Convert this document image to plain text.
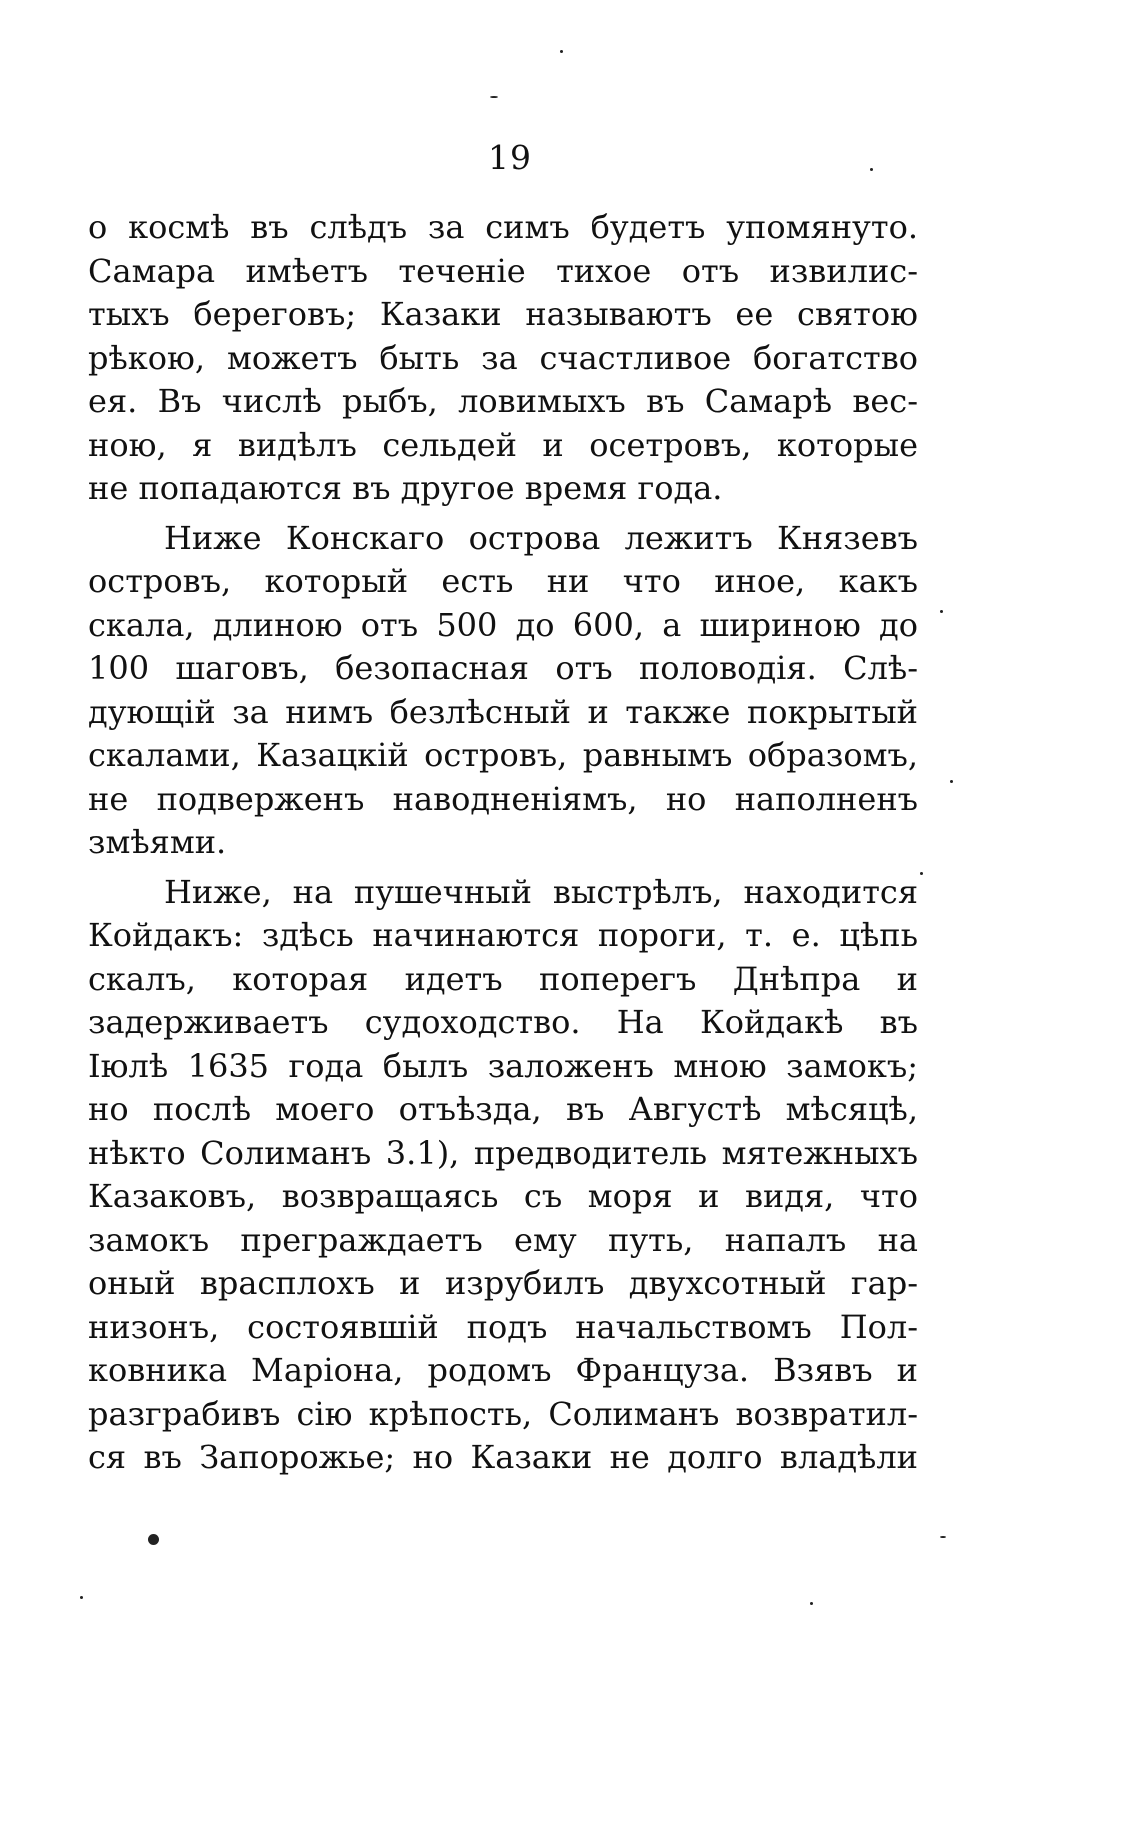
19
о космѣ въ слѣдъ за симъ будетъ упомянуто.
Самара имѣетъ теченіе тихое отъ извилис-
тыхъ береговъ; Казаки называютъ ее святою
рѣкою, можетъ быть за счастливое богатство
ея. Въ числѣ рыбъ, ловимыхъ въ Самарѣ вес-
ною, я видѣлъ сельдей и осетровъ, которые
не попадаются въ другое время года.
Ниже Конскаго острова лежитъ Князевъ
островъ, который есть ни что иное, какъ
скала, длиною отъ 500 до 600, а шириною до
100 шаговъ, безопасная отъ половодія. Слѣ-
дующій за нимъ безлѣсный и также покрытый
скалами, Казацкій островъ, равнымъ образомъ,
не подверженъ наводненіямъ, но наполненъ
змѣями.
Ниже, на пушечный выстрѣлъ, находится
Койдакъ: здѣсь начинаются пороги, т. е. цѣпь
скалъ, которая идетъ поперегъ Днѣпра и
задерживаетъ судоходство. На Койдакѣ въ
Іюлѣ 1635 года былъ заложенъ мною замокъ;
но послѣ моего отъѣзда, въ Августѣ мѣсяцѣ,
нѣкто Солиманъ 3.1), предводитель мятежныхъ
Казаковъ, возвращаясь съ моря и видя, что
замокъ преграждаетъ ему путь, напалъ на
оный врасплохъ и изрубилъ двухсотный гар-
низонъ, состоявшій подъ начальствомъ Пол-
ковника Маріона, родомъ Француза. Взявъ и
разграбивъ сію крѣпость, Солиманъ возвратил-
ся въ Запорожье; но Казаки не долго владѣли
